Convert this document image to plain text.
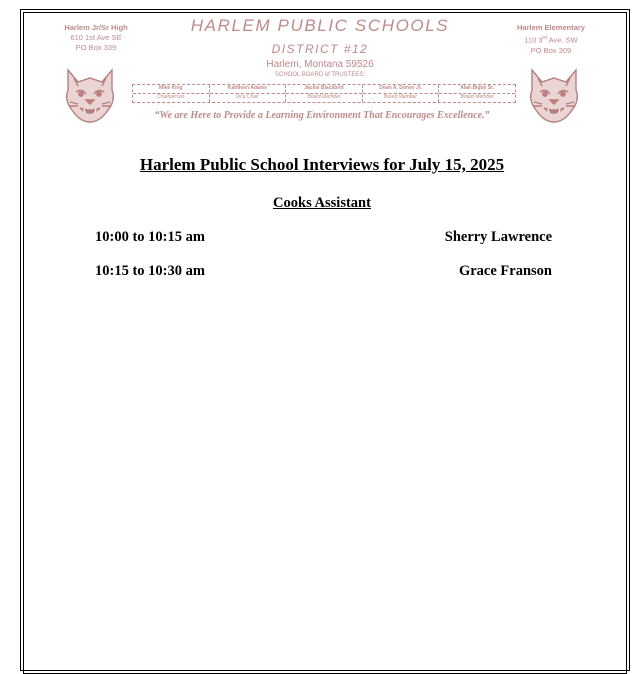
Harlem Jr/Sr High
610 1st Ave SE
PO Box 339
Harlem Elementary
110 3rd Ave. SW
PO Box 309
HARLEM PUBLIC SCHOOLS
DISTRICT #12
Harlem, Montana 59526
SCHOOL BOARD of TRUSTEES:
Mike King
Chairperson
Kathleen Adams
Vice Chair
Jackie Blackbird
Board Member
Dean A. Doney Jr.
Board Member
Alan Bigby Sr.
Board Member
“We are Here to Provide a Learning Environment That Encourages Excellence.”
Harlem Public School Interviews for July 15, 2025
Cooks Assistant
10:00 to 10:15 am	Sherry Lawrence
10:15 to 10:30 am	Grace Franson
